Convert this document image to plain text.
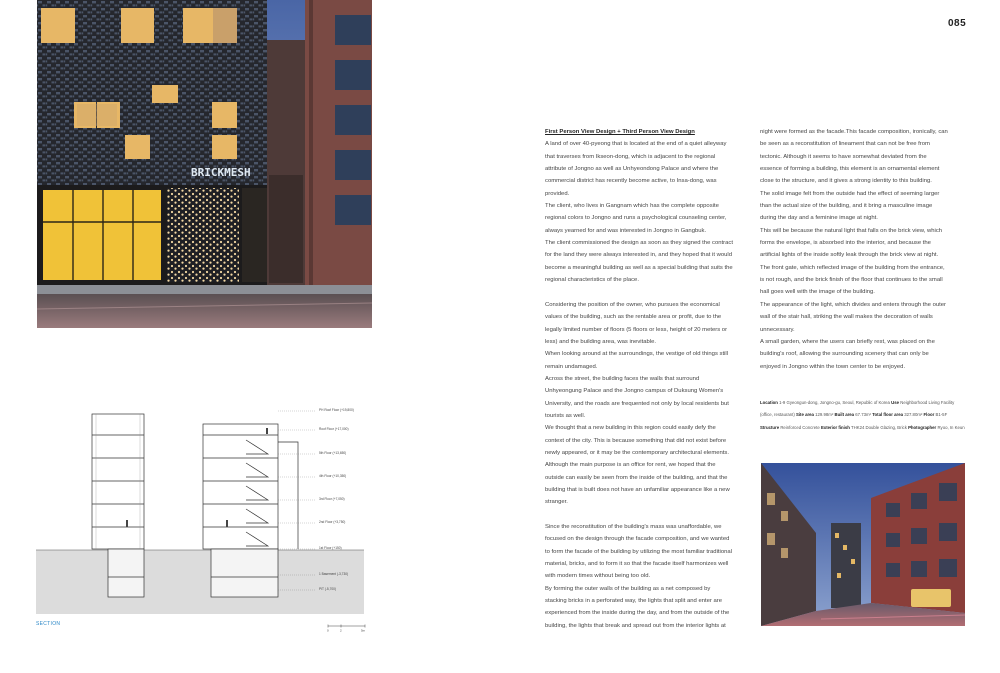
085
BRICKMESH
PH Roof Floor (+19,800)
Roof Floor (+17,000)
5th Floor (+13,650)
4th Floor (+10,350)
3rd Floor (+7,050)
2nd Floor (+3,750)
1st Floor (+150)
1 Basement (-3,730)
PIT (-5,700)
SECTION
0	2	5m

First Person View Design + Third Person View Design

A land of over 40-pyeong that is located at the end of a quiet alleyway

that traverses from Ikseon-dong, which is adjacent to the regional

attribute of Jongno as well as Unhyeondong Palace and where the

commercial district has recently become active, to Insa-dong, was

provided.

The client, who lives in Gangnam which has the complete opposite

regional colors to Jongno and runs a psychological counseling center,

always yearned for and was interested in Jongno in Gangbuk.

The client commissioned the design as soon as they signed the contract

for the land they were always interested in, and they hoped that it would

become a meaningful building as well as a special building that suits the

regional characteristics of the place.

Considering the position of the owner, who pursues the economical

values of the building, such as the rentable area or profit, due to the

legally limited number of floors (5 floors or less, height of 20 meters or

less) and the building area, was inevitable.

When looking around at the surroundings, the vestige of old things still

remain undamaged.

Across the street, the building faces the walls that surround

Unhyeongung Palace and the Jongno campus of Duksung Women's

University, and the roads are frequented not only by local residents but

tourists as well.

We thought that a new building in this region could easily defy the

context of the city. This is because something that did not exist before

newly appeared, or it may be the contemporary architectural elements.

Although the main purpose is an office for rent, we hoped that the

outside can easily be seen from the inside of the building, and that the

building that is built does not have an unfamiliar appearance like a new

stranger.

Since the reconstitution of the building's mass was unaffordable, we

focused on the design through the facade composition, and we wanted

to form the facade of the building by utilizing the most familiar traditional

material, bricks, and to form it so that the facade itself harmonizes well

with modern times without being too old.

By forming the outer walls of the building as a net composed by

stacking bricks in a perforated way, the lights that split and enter are

experienced from the inside during the day, and from the outside of the

building, the lights that break and spread out from the interior lights at

night were formed as the facade.This facade composition, ironically, can

be seen as a reconstitution of lineament that can not be free from

tectonic. Although it seems to have somewhat deviated from the

essence of forming a building, this element is an ornamental element

close to the structure, and it gives a strong identity to this building.

The solid image felt from the outside had the effect of seeming larger

than the actual size of the building, and it bring a masculine image

during the day and a feminine image at night.

This will be because the natural light that falls on the brick view, which

forms the envelope, is absorbed into the interior, and because the

artificial lights of the inside softly leak through the brick view at night.

The front gate, which reflected image of the building from the entrance,

is not rough, and the brick finish of the floor that continues to the small

hall goes well with the image of the building.

The appearance of the light, which divides and enters through the outer

wall of the stair hall, striking the wall makes the decoration of walls

unnecessary.

A small garden, where the users can briefly rest, was placed on the

building's roof, allowing the surrounding scenery that can only be

enjoyed in Jongno within the town center to be enjoyed.

Location 1-9 Gyeongun-dong, Jongno-gu, Seoul, Republic of Korea Use Neighborhood Living Facility (office, restaurant) Site area 129.98m² Built area 67.73m² Total floor area 327.80m² Floor B1-5F Structure Reinforced Concrete Exterior finish THK24 Double Glazing, Brick Photographer Ryoo, In Keun
